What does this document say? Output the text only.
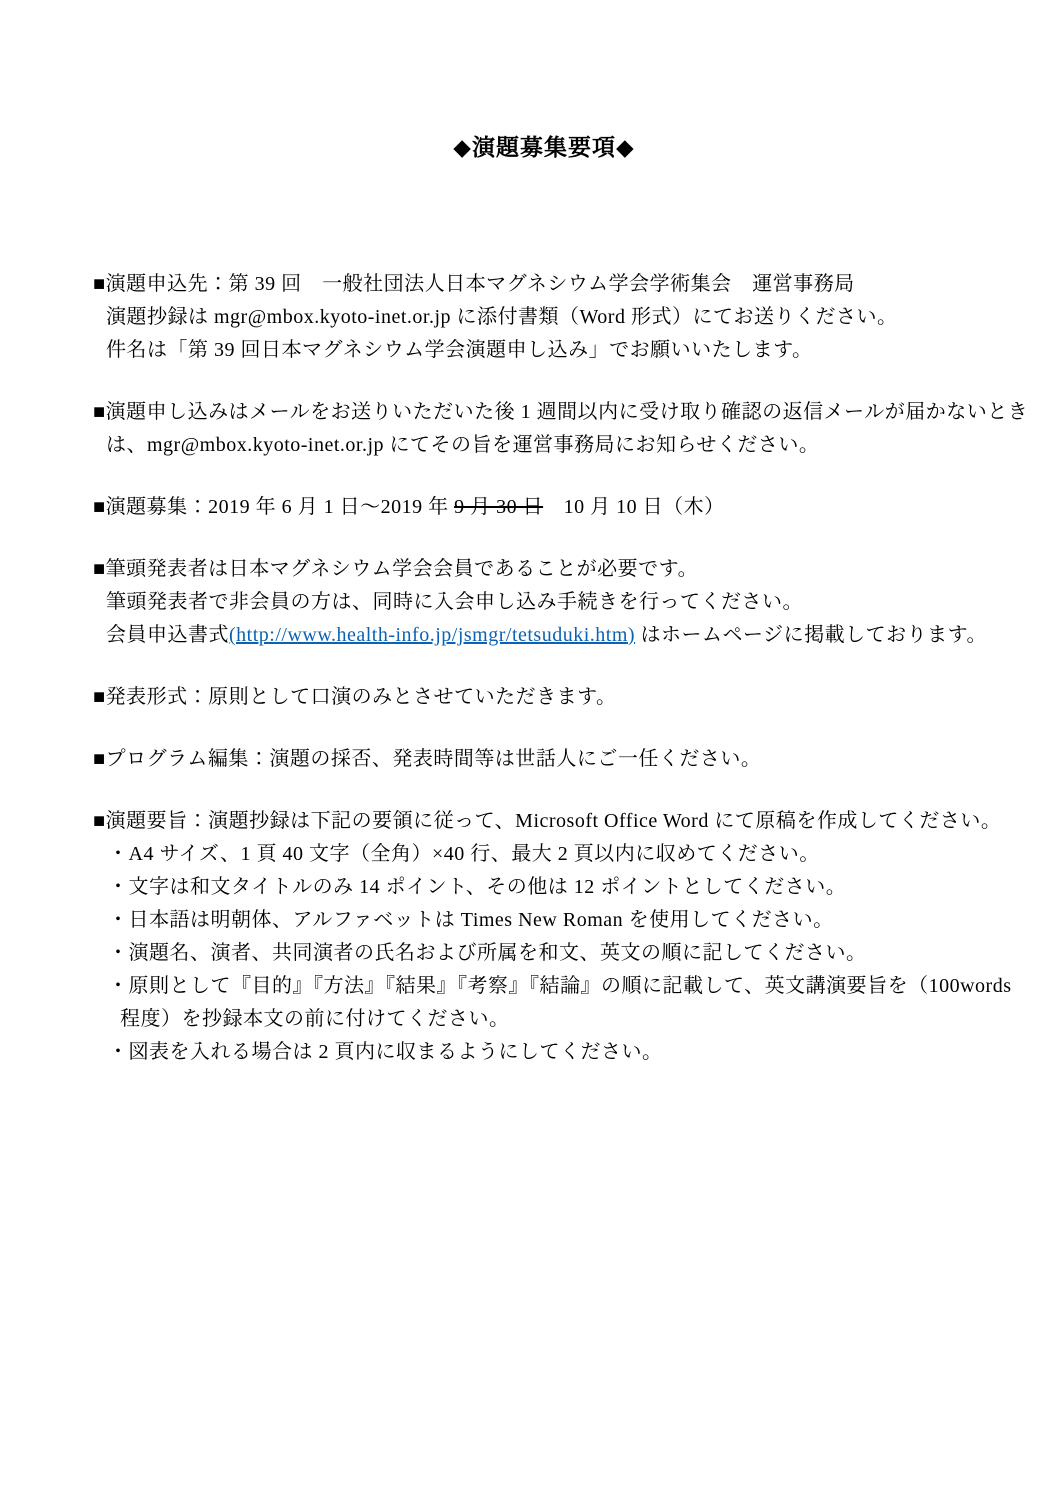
◆演題募集要項◆
■演題申込先：第 39 回　一般社団法人日本マグネシウム学会学術集会　運営事務局
演題抄録は mgr@mbox.kyoto-inet.or.jp に添付書類（Word 形式）にてお送りください。
件名は「第 39 回日本マグネシウム学会演題申し込み」でお願いいたします。
■演題申し込みはメールをお送りいただいた後 1 週間以内に受け取り確認の返信メールが届かないとき
は、mgr@mbox.kyoto-inet.or.jp にてその旨を運営事務局にお知らせください。
■演題募集：2019 年 6 月 1 日～2019 年 9 月 30 日　10 月 10 日（木）
■筆頭発表者は日本マグネシウム学会会員であることが必要です。
筆頭発表者で非会員の方は、同時に入会申し込み手続きを行ってください。
会員申込書式(http://www.health-info.jp/jsmgr/tetsuduki.htm) はホームページに掲載しております。
■発表形式：原則として口演のみとさせていただきます。
■プログラム編集：演題の採否、発表時間等は世話人にご一任ください。
■演題要旨：演題抄録は下記の要領に従って、Microsoft Office Word にて原稿を作成してください。
・A4 サイズ、1 頁 40 文字（全角）×40 行、最大 2 頁以内に収めてください。
・文字は和文タイトルのみ 14 ポイント、その他は 12 ポイントとしてください。
・日本語は明朝体、アルファベットは Times New Roman を使用してください。
・演題名、演者、共同演者の氏名および所属を和文、英文の順に記してください。
・原則として『目的』『方法』『結果』『考察』『結論』の順に記載して、英文講演要旨を（100words
程度）を抄録本文の前に付けてください。
・図表を入れる場合は 2 頁内に収まるようにしてください。
